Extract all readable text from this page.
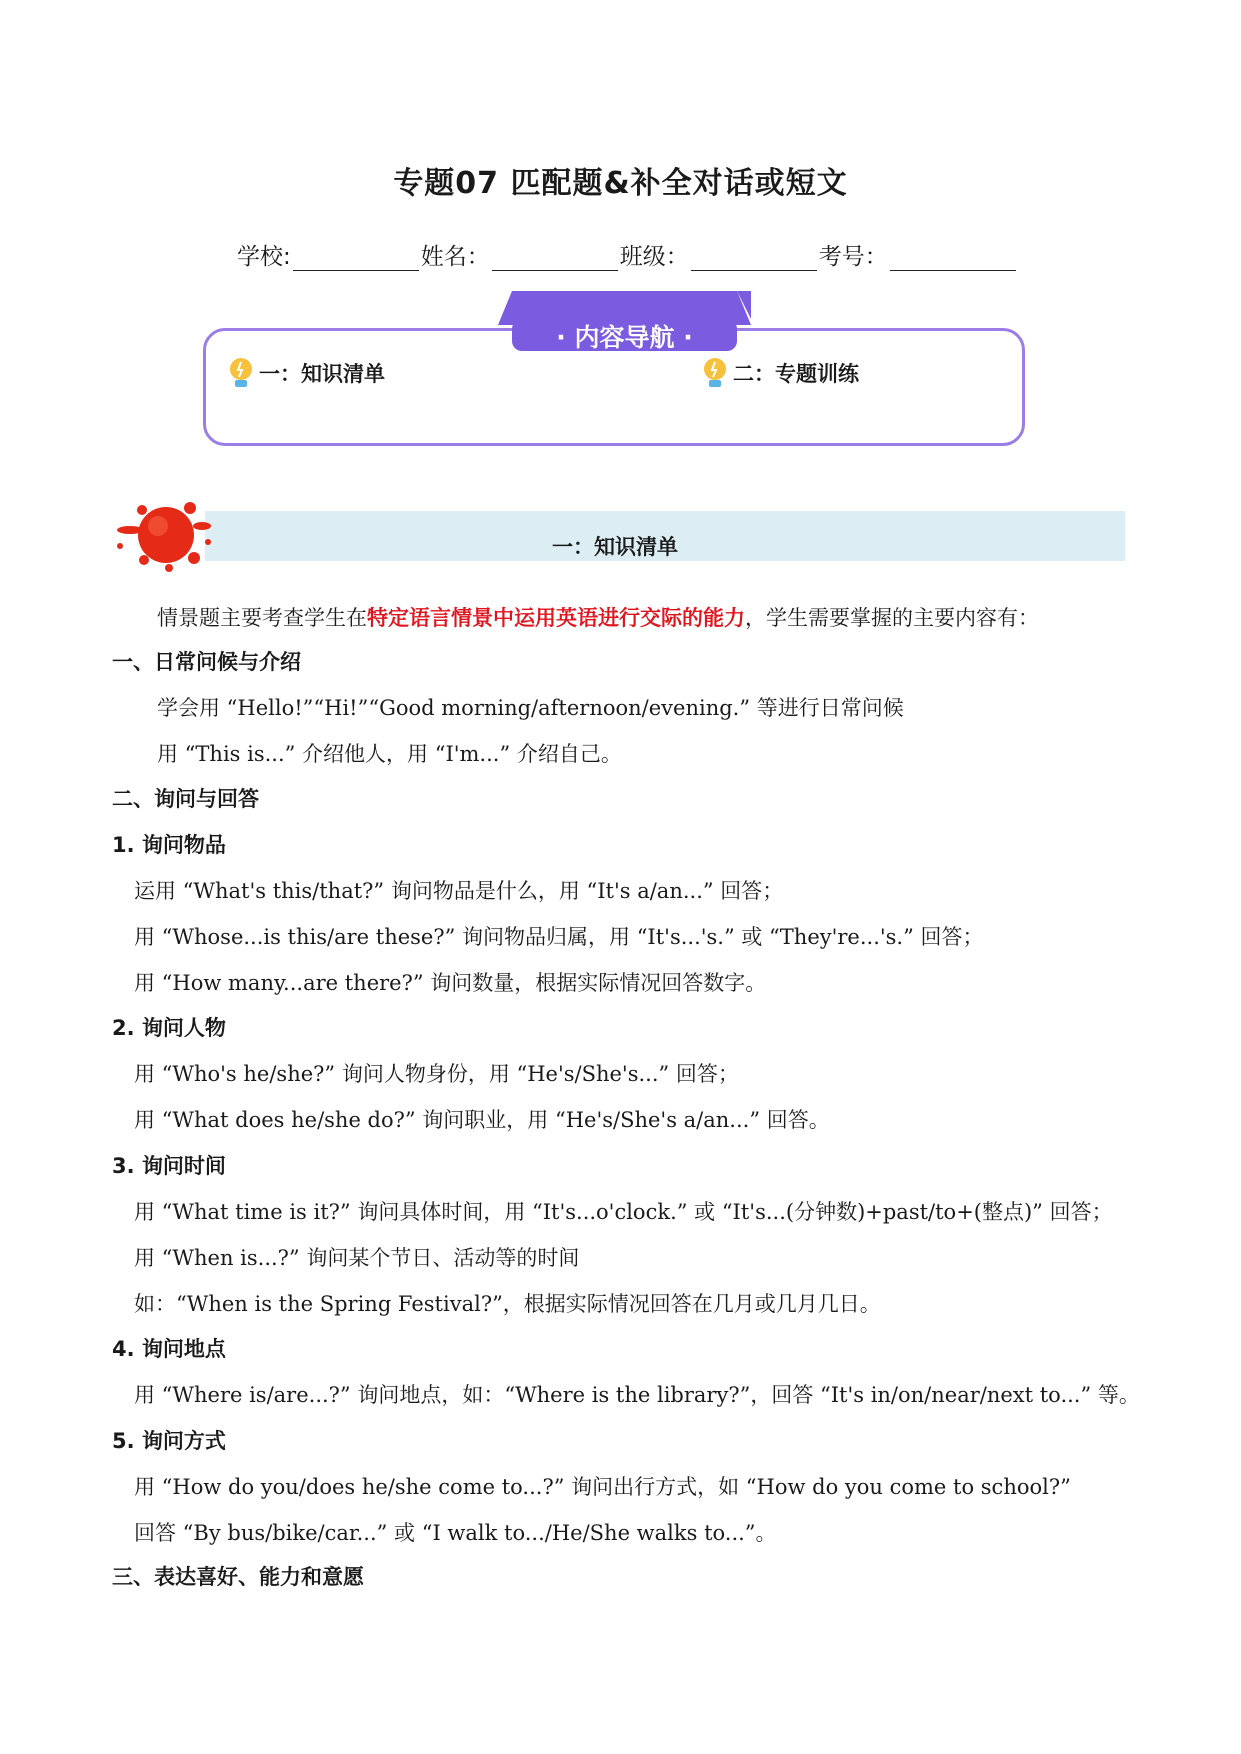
专题07 匹配题&补全对话或短文
学校:	姓名：	班级：	考号：
· 内容导航 ·
一：知识清单	二：专题训练
一：知识清单
情景题主要考查学生在特定语言情景中运用英语进行交际的能力，学生需要掌握的主要内容有：
一、日常问候与介绍
学会用 “Hello!”“Hi!”“Good morning/afternoon/evening.” 等进行日常问候
用 “This is...” 介绍他人，用 “I'm...” 介绍自己。
二、询问与回答
1. 询问物品
运用 “What's this/that?” 询问物品是什么，用 “It's a/an...” 回答；
用 “Whose...is this/are these?” 询问物品归属，用 “It's...'s.” 或 “They're...'s.” 回答；
用 “How many...are there?” 询问数量，根据实际情况回答数字。
2. 询问人物
用 “Who's he/she?” 询问人物身份，用 “He's/She's...” 回答；
用 “What does he/she do?” 询问职业，用 “He's/She's a/an...” 回答。
3. 询问时间
用 “What time is it?” 询问具体时间，用 “It's...o'clock.” 或 “It's...(分钟数)+past/to+(整点)” 回答；
用 “When is...?” 询问某个节日、活动等的时间
如：“When is the Spring Festival?”，根据实际情况回答在几月或几月几日。
4. 询问地点
用 “Where is/are...?” 询问地点，如：“Where is the library?”，回答 “It's in/on/near/next to...” 等。
5. 询问方式
用 “How do you/does he/she come to...?” 询问出行方式，如 “How do you come to school?”
回答 “By bus/bike/car...” 或 “I walk to.../He/She walks to...”。
三、表达喜好、能力和意愿
